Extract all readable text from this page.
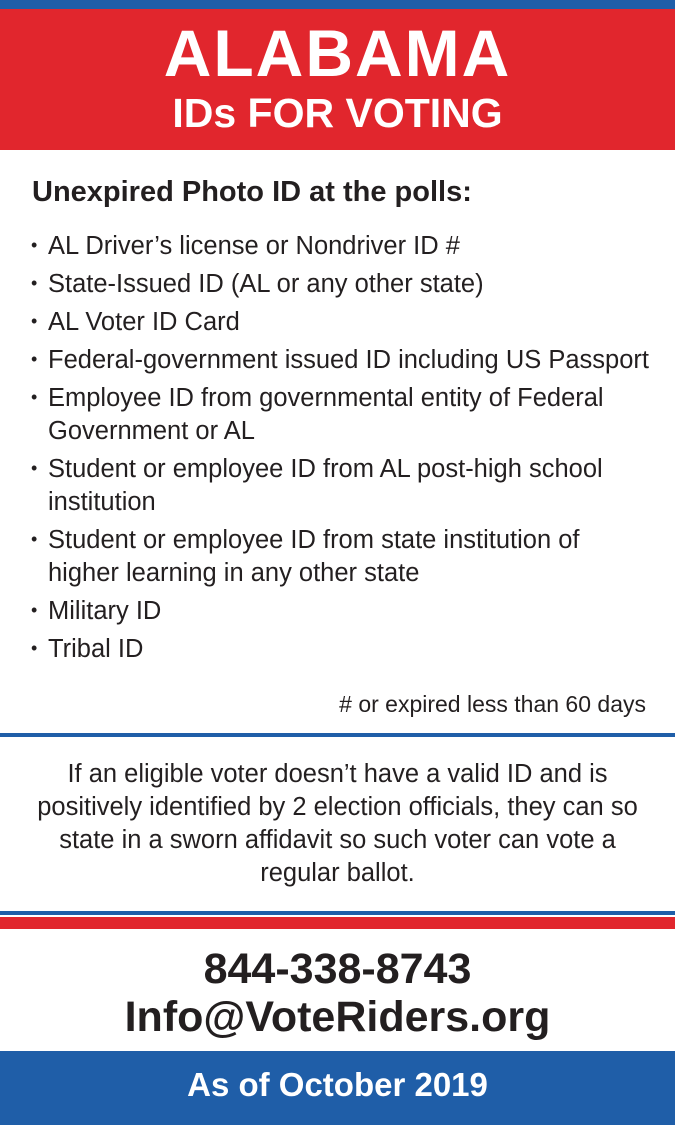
ALABAMA
IDs FOR VOTING
Unexpired Photo ID at the polls:
• AL Driver’s license or Nondriver ID #
• State-Issued ID (AL or any other state)
• AL Voter ID Card
• Federal-government issued ID including US Passport
• Employee ID from governmental entity of Federal Government or AL
• Student or employee ID from AL post-high school institution
• Student or employee ID from state institution of higher learning in any other state
• Military ID
• Tribal ID
# or expired less than 60 days
If an eligible voter doesn’t have a valid ID and is positively identified by 2 election officials, they can so state in a sworn affidavit so such voter can vote a regular ballot.
844-338-8743
Info@VoteRiders.org
As of October 2019
